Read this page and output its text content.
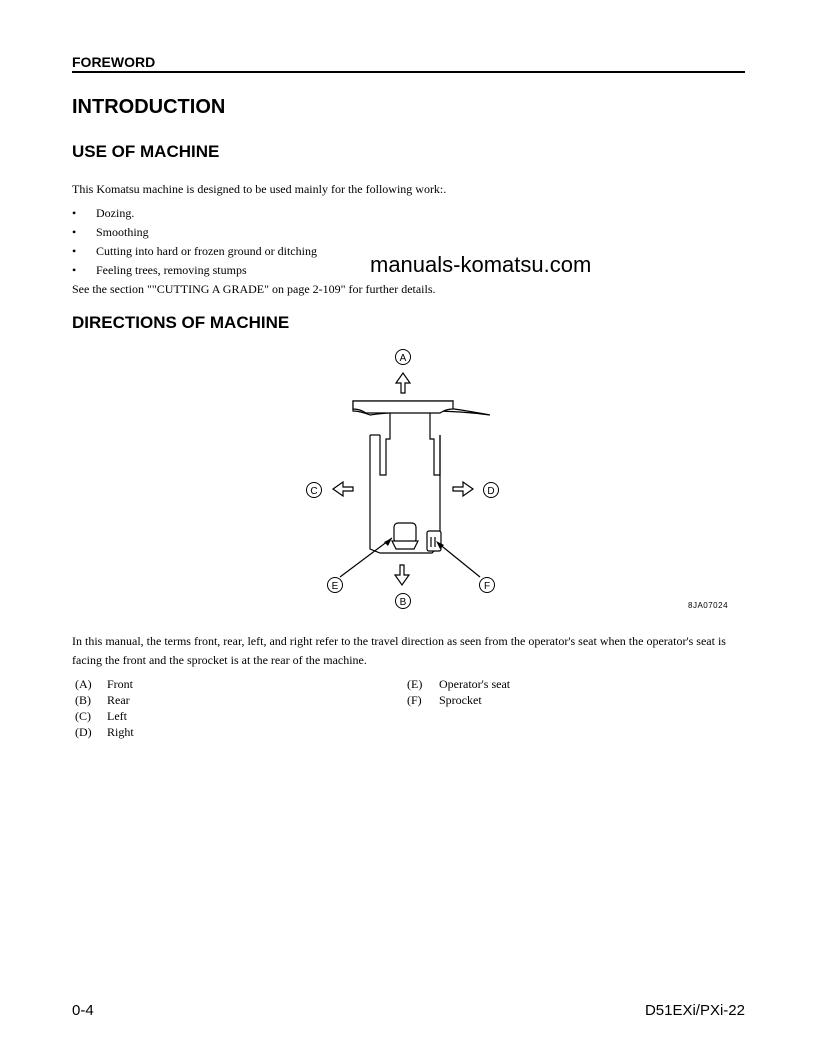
FOREWORD
INTRODUCTION
USE OF MACHINE
This Komatsu machine is designed to be used mainly for the following work:.
• Dozing.
• Smoothing
• Cutting into hard or frozen ground or ditching
• Feeling trees, removing stumps	manuals-komatsu.com
See the section ""CUTTING A GRADE" on page 2-109" for further details.
DIRECTIONS OF MACHINE
A
B
C	D
E	F
8JA07024
In this manual, the terms front, rear, left, and right refer to the travel direction as seen from the operator's seat when the operator's seat is facing the front and the sprocket is at the rear of the machine.
(A) Front
(B) Rear
(C) Left
(D) Right
(E) Operator's seat
(F) Sprocket
0-4	D51EXi/PXi-22
